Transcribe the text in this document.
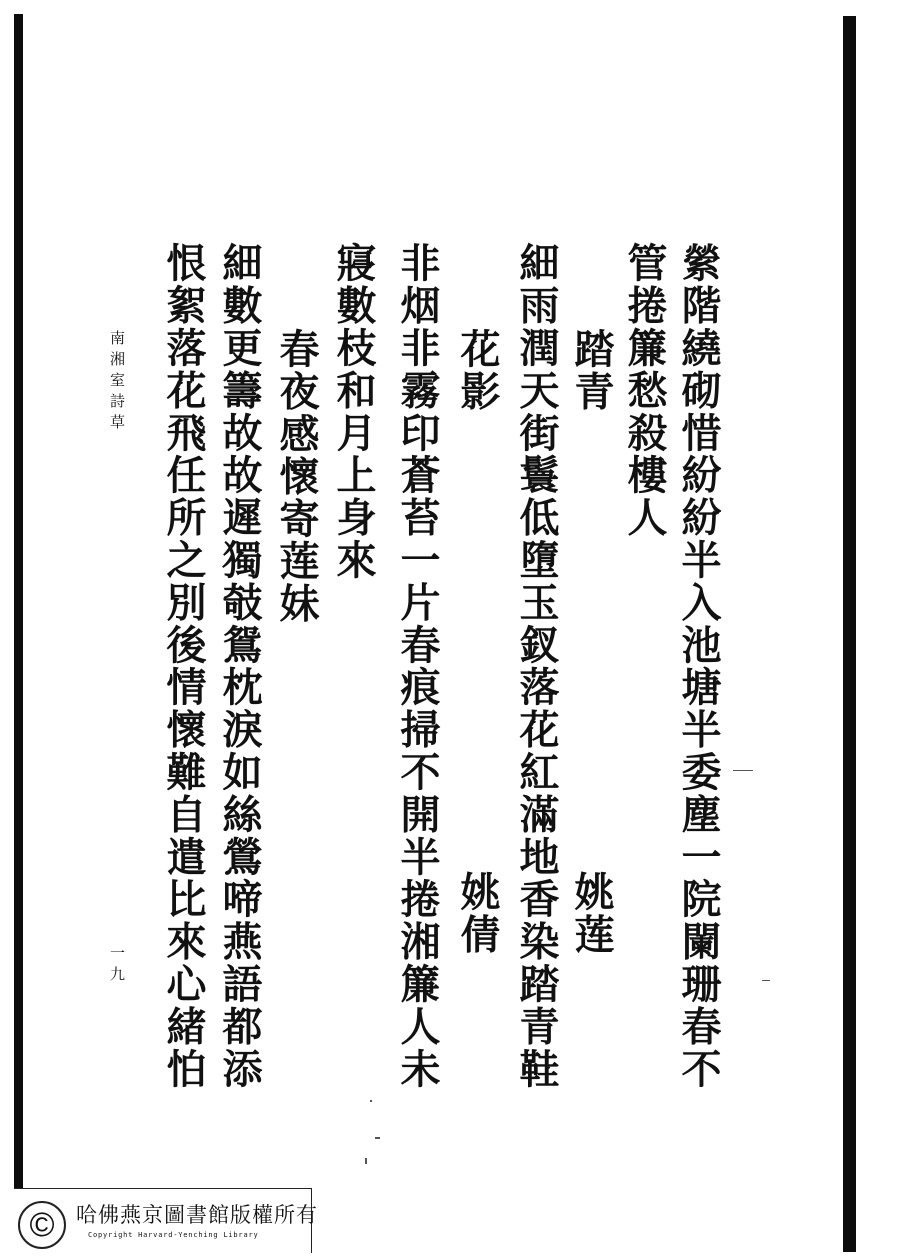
縈階繞砌惜紛紛半入池塘半委塵一院闌珊春不
管捲簾愁殺樓人
踏青
姚莲
細雨潤天街鬟低墮玉釵落花紅滿地香染踏青鞋
花影
姚倩
非烟非霧印蒼苔一片春痕掃不開半捲湘簾人未
寢數枝和月上身來
春夜感懷寄莲妹
細數更籌故故遲獨攲鴛枕淚如絲鶯啼燕語都添
恨絮落花飛任所之別後情懷難自遣比來心緒怕
南湘室詩草
一九
©	哈佛燕京圖書館版權所有
Copyright Harvard-Yenching Library
